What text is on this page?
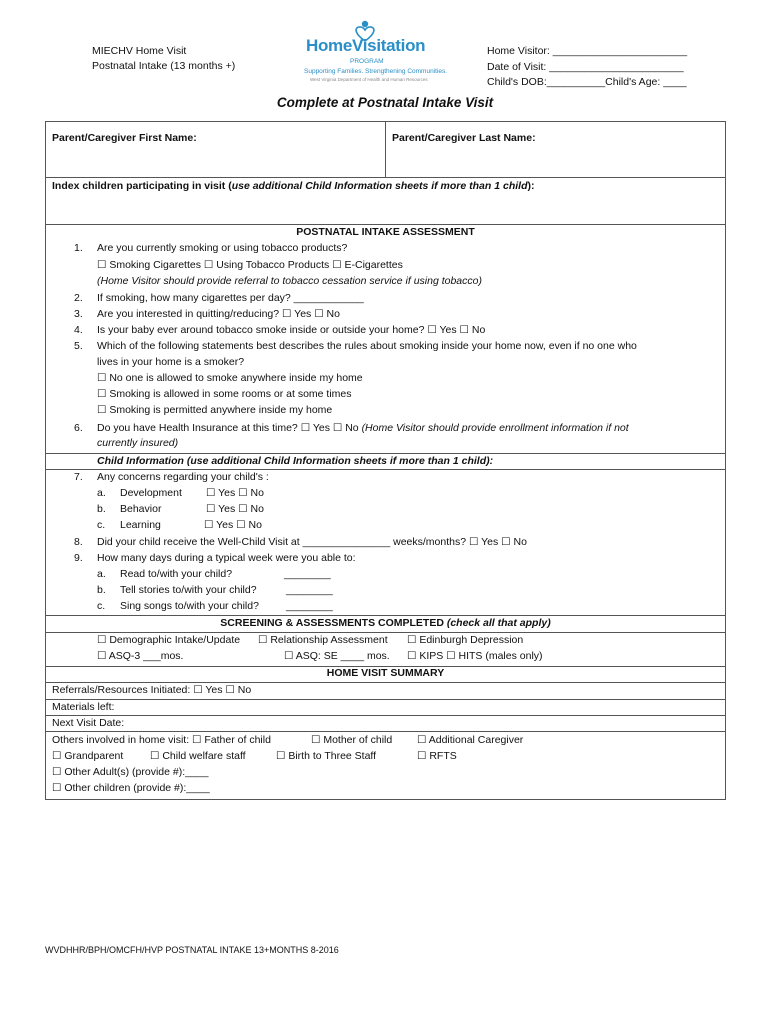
MIECHV Home Visit
Postnatal Intake (13 months +)
HomeVisitation
PROGRAM
Supporting Families. Strengthening Communities.
West Virginia Department of Health and Human Resources
Home Visitor: _______________________
Date of Visit: _______________________
Child's DOB:__________Child's Age: ____
Complete at Postnatal Intake Visit
Parent/Caregiver First Name:	Parent/Caregiver Last Name:
Index children participating in visit (use additional Child Information sheets if more than 1 child):
POSTNATAL INTAKE ASSESSMENT
1. Are you currently smoking or using tobacco products?
☐ Smoking Cigarettes ☐ Using Tobacco Products ☐ E-Cigarettes
(Home Visitor should provide referral to tobacco cessation service if using tobacco)
2. If smoking, how many cigarettes per day? ____________
3. Are you interested in quitting/reducing? ☐ Yes ☐ No
4. Is your baby ever around tobacco smoke inside or outside your home? ☐ Yes ☐ No
5. Which of the following statements best describes the rules about smoking inside your home now, even if no one who
lives in your home is a smoker?
☐ No one is allowed to smoke anywhere inside my home
☐ Smoking is allowed in some rooms or at some times
☐ Smoking is permitted anywhere inside my home
6. Do you have Health Insurance at this time? ☐ Yes ☐ No (Home Visitor should provide enrollment information if not
currently insured)
Child Information (use additional Child Information sheets if more than 1 child):
7. Any concerns regarding your child's :
a. Development ☐ Yes ☐ No
b. Behavior	☐ Yes ☐ No
c. Learning	☐ Yes ☐ No
8. Did your child receive the Well-Child Visit at _______________ weeks/months? ☐ Yes ☐ No
9. How many days during a typical week were you able to:
a. Read to/with your child?	________
b. Tell stories to/with your child?	________
c. Sing songs to/with your child?	________
SCREENING & ASSESSMENTS COMPLETED (check all that apply)
☐ Demographic Intake/Update ☐ Relationship Assessment ☐ Edinburgh Depression
☐ ASQ-3 ___mos.	☐ ASQ: SE ____ mos. ☐ KIPS ☐ HITS (males only)
HOME VISIT SUMMARY
Referrals/Resources Initiated: ☐ Yes ☐ No
Materials left:
Next Visit Date:
Others involved in home visit: ☐ Father of child	☐ Mother of child ☐ Additional Caregiver
☐ Grandparent	☐ Child welfare staff	☐ Birth to Three Staff	☐ RFTS
☐ Other Adult(s) (provide #):____
☐ Other children (provide #):____
WVDHHR/BPH/OMCFH/HVP POSTNATAL INTAKE 13+MONTHS 8-2016
